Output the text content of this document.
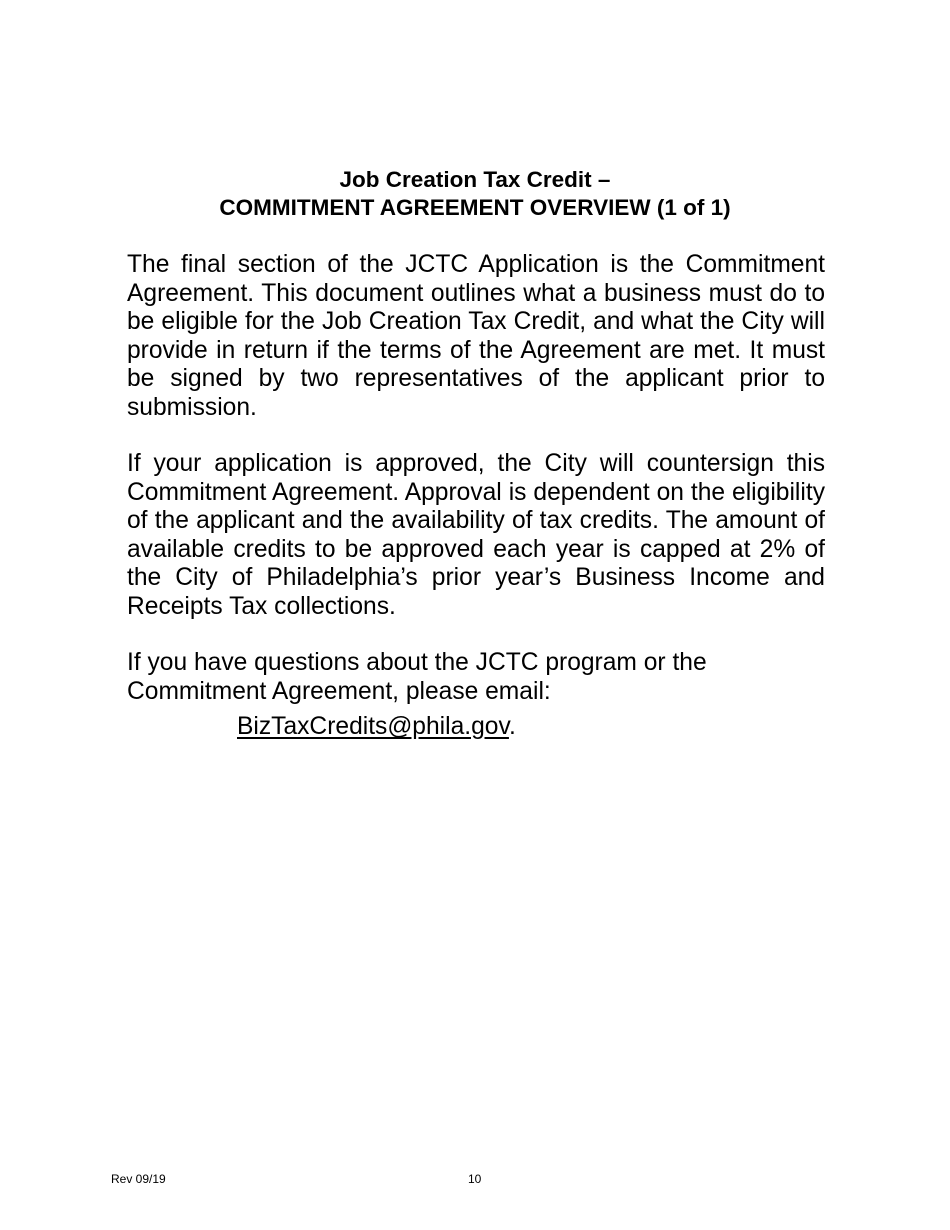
Job Creation Tax Credit –
COMMITMENT AGREEMENT OVERVIEW (1 of 1)
The final section of the JCTC Application is the Commitment
Agreement. This document outlines what a business must do to
be eligible for the Job Creation Tax Credit, and what the City will
provide in return if the terms of the Agreement are met. It must
be signed by two representatives of the applicant prior to
submission.
If your application is approved, the City will countersign this
Commitment Agreement. Approval is dependent on the eligibility
of the applicant and the availability of tax credits. The amount of
available credits to be approved each year is capped at 2% of
the City of Philadelphia’s prior year’s Business Income and
Receipts Tax collections.
If you have questions about the JCTC program or the
Commitment Agreement, please email:
BizTaxCredits@phila.gov.
Rev 09/19	10
